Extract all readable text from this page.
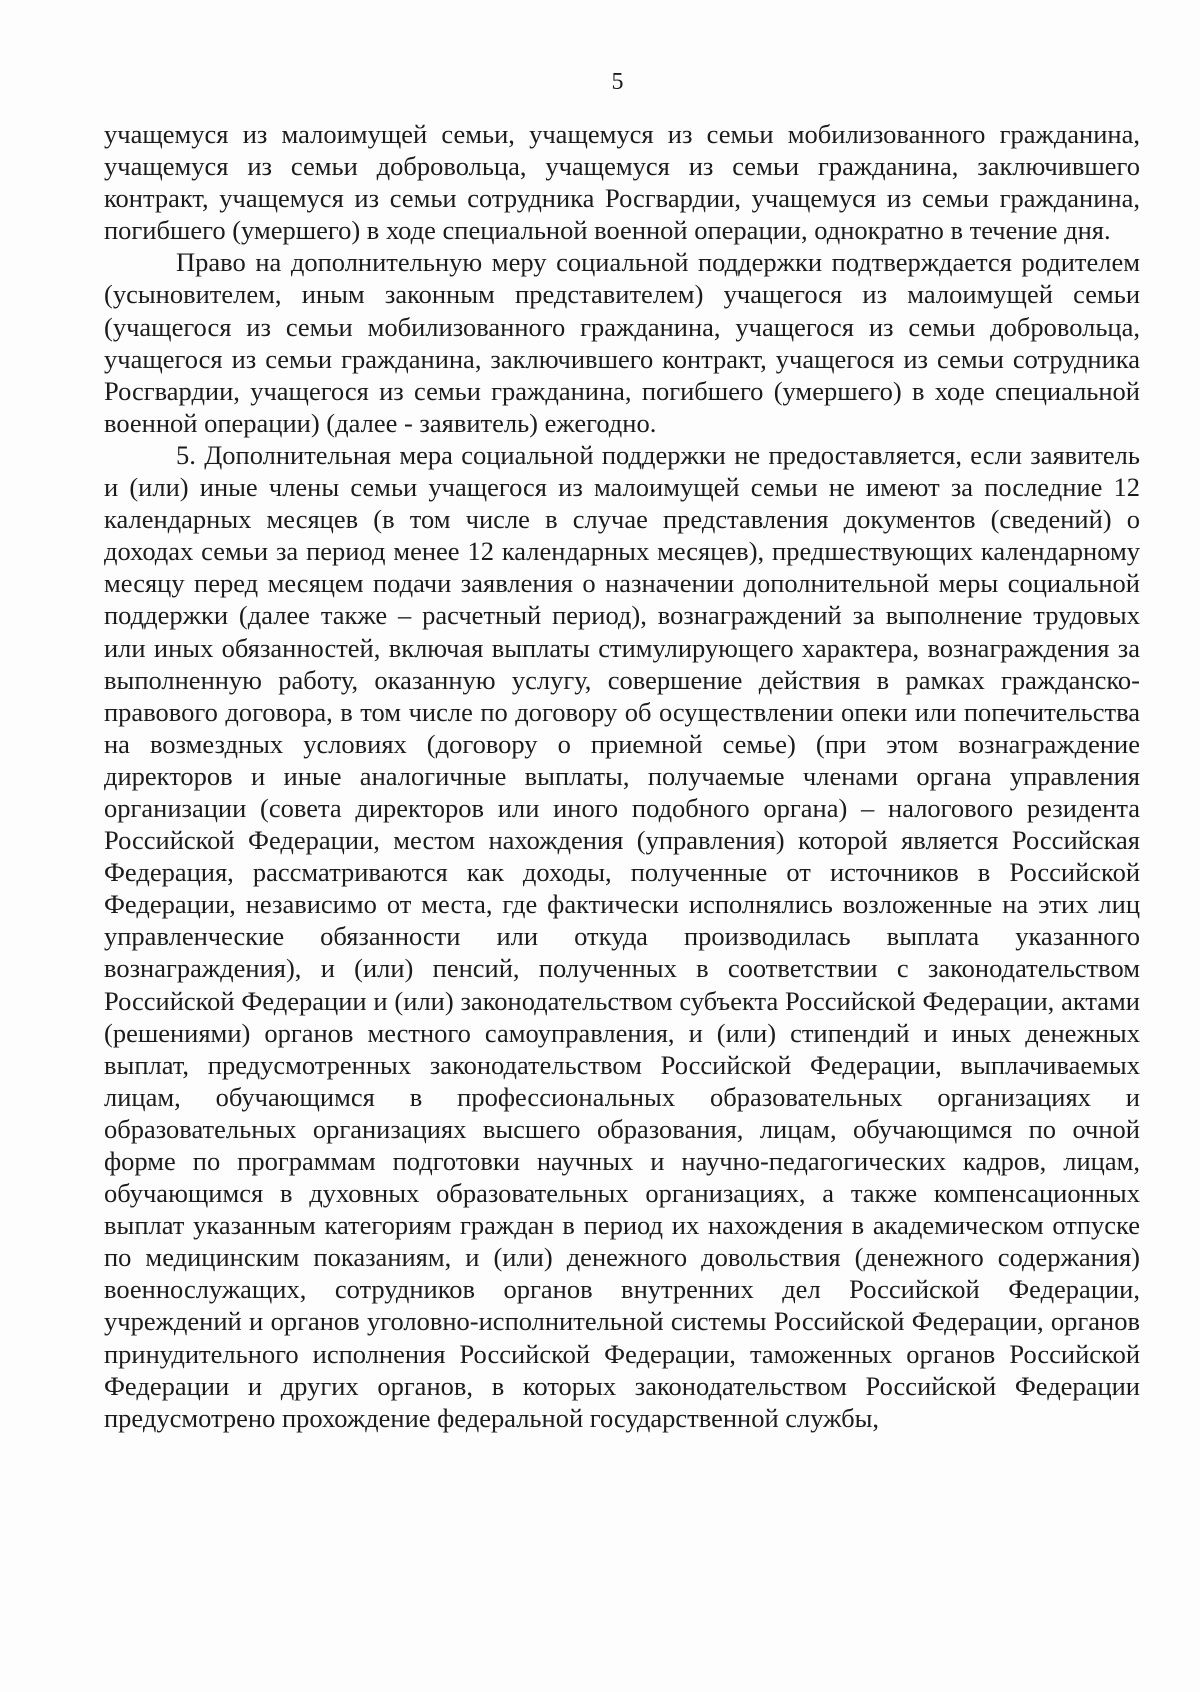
5

учащемуся из малоимущей семьи, учащемуся из семьи мобилизованного гражданина, учащемуся из семьи добровольца, учащемуся из семьи гражданина, заключившего контракт, учащемуся из семьи сотрудника Росгвардии, учащемуся из семьи гражданина, погибшего (умершего) в ходе специальной военной операции, однократно в течение дня.

Право на дополнительную меру социальной поддержки подтверждается родителем (усыновителем, иным законным представителем) учащегося из малоимущей семьи (учащегося из семьи мобилизованного гражданина, учащегося из семьи добровольца, учащегося из семьи гражданина, заключившего контракт, учащегося из семьи сотрудника Росгвардии, учащегося из семьи гражданина, погибшего (умершего) в ходе специальной военной операции) (далее - заявитель) ежегодно.

5. Дополнительная мера социальной поддержки не предоставляется, если заявитель и (или) иные члены семьи учащегося из малоимущей семьи не имеют за последние 12 календарных месяцев (в том числе в случае представления документов (сведений) о доходах семьи за период менее 12 календарных месяцев), предшествующих календарному месяцу перед месяцем подачи заявления о назначении дополнительной меры социальной поддержки (далее также – расчетный период), вознаграждений за выполнение трудовых или иных обязанностей, включая выплаты стимулирующего характера, вознаграждения за выполненную работу, оказанную услугу, совершение действия в рамках гражданско-правового договора, в том числе по договору об осуществлении опеки или попечительства на возмездных условиях (договору о приемной семье) (при этом вознаграждение директоров и иные аналогичные выплаты, получаемые членами органа управления организации (совета директоров или иного подобного органа) – налогового резидента Российской Федерации, местом нахождения (управления) которой является Российская Федерация, рассматриваются как доходы, полученные от источников в Российской Федерации, независимо от места, где фактически исполнялись возложенные на этих лиц управленческие обязанности или откуда производилась выплата указанного вознаграждения), и (или) пенсий, полученных в соответствии с законодательством Российской Федерации и (или) законодательством субъекта Российской Федерации, актами (решениями) органов местного самоуправления, и (или) стипендий и иных денежных выплат, предусмотренных законодательством Российской Федерации, выплачиваемых лицам, обучающимся в профессиональных образовательных организациях и образовательных организациях высшего образования, лицам, обучающимся по очной форме по программам подготовки научных и научно-педагогических кадров, лицам, обучающимся в духовных образовательных организациях, а также компенсационных выплат указанным категориям граждан в период их нахождения в академическом отпуске по медицинским показаниям, и (или) денежного довольствия (денежного содержания) военнослужащих, сотрудников органов внутренних дел Российской Федерации, учреждений и органов уголовно-исполнительной системы Российской Федерации, органов принудительного исполнения Российской Федерации, таможенных органов Российской Федерации и других органов, в которых законодательством Российской Федерации предусмотрено прохождение федеральной государственной службы,
